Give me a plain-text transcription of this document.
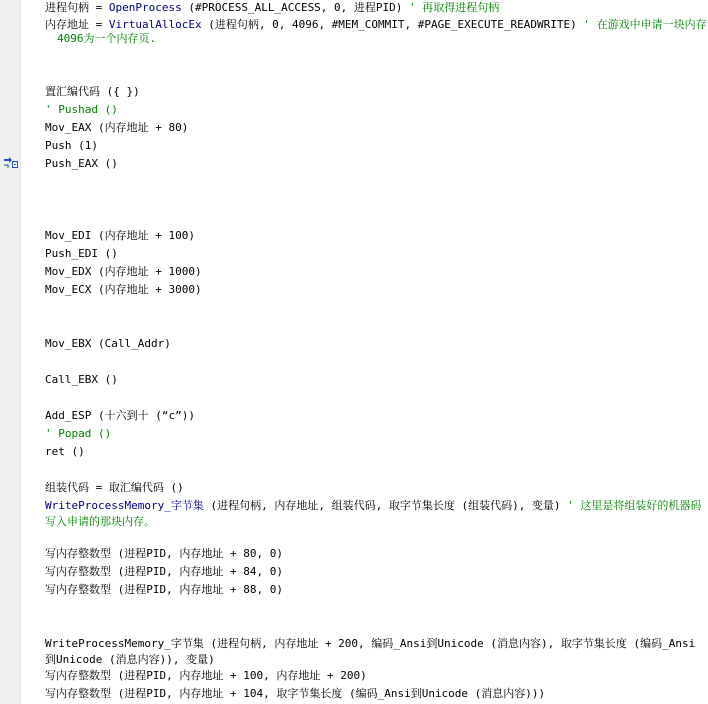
进程句柄 = OpenProcess (#PROCESS_ALL_ACCESS, 0, 进程PID) ' 再取得进程句柄
内存地址 = VirtualAllocEx (进程句柄, 0, 4096, #MEM_COMMIT, #PAGE_EXECUTE_READWRITE) ' 在游戏中申请一块内存
4096为一个内存页.
置汇编代码 ({ })
' Pushad ()
Mov_EAX (内存地址 + 80)
Push (1)
Push_EAX ()
Mov_EDI (内存地址 + 100)
Push_EDI ()
Mov_EDX (内存地址 + 1000)
Mov_ECX (内存地址 + 3000)
Mov_EBX (Call_Addr)
Call_EBX ()
Add_ESP (十六到十 (“c”))
' Popad ()
ret ()
组装代码 = 取汇编代码 ()
WriteProcessMemory_字节集 (进程句柄, 内存地址, 组装代码, 取字节集长度 (组装代码), 变量) ' 这里是将组装好的机器码写入申请的那块内存。
写内存整数型 (进程PID, 内存地址 + 80, 0)
写内存整数型 (进程PID, 内存地址 + 84, 0)
写内存整数型 (进程PID, 内存地址 + 88, 0)
WriteProcessMemory_字节集 (进程句柄, 内存地址 + 200, 编码_Ansi到Unicode (消息内容), 取字节集长度 (编码_Ansi到Unicode (消息内容)), 变量)
写内存整数型 (进程PID, 内存地址 + 100, 内存地址 + 200)
写内存整数型 (进程PID, 内存地址 + 104, 取字节集长度 (编码_Ansi到Unicode (消息内容)))
